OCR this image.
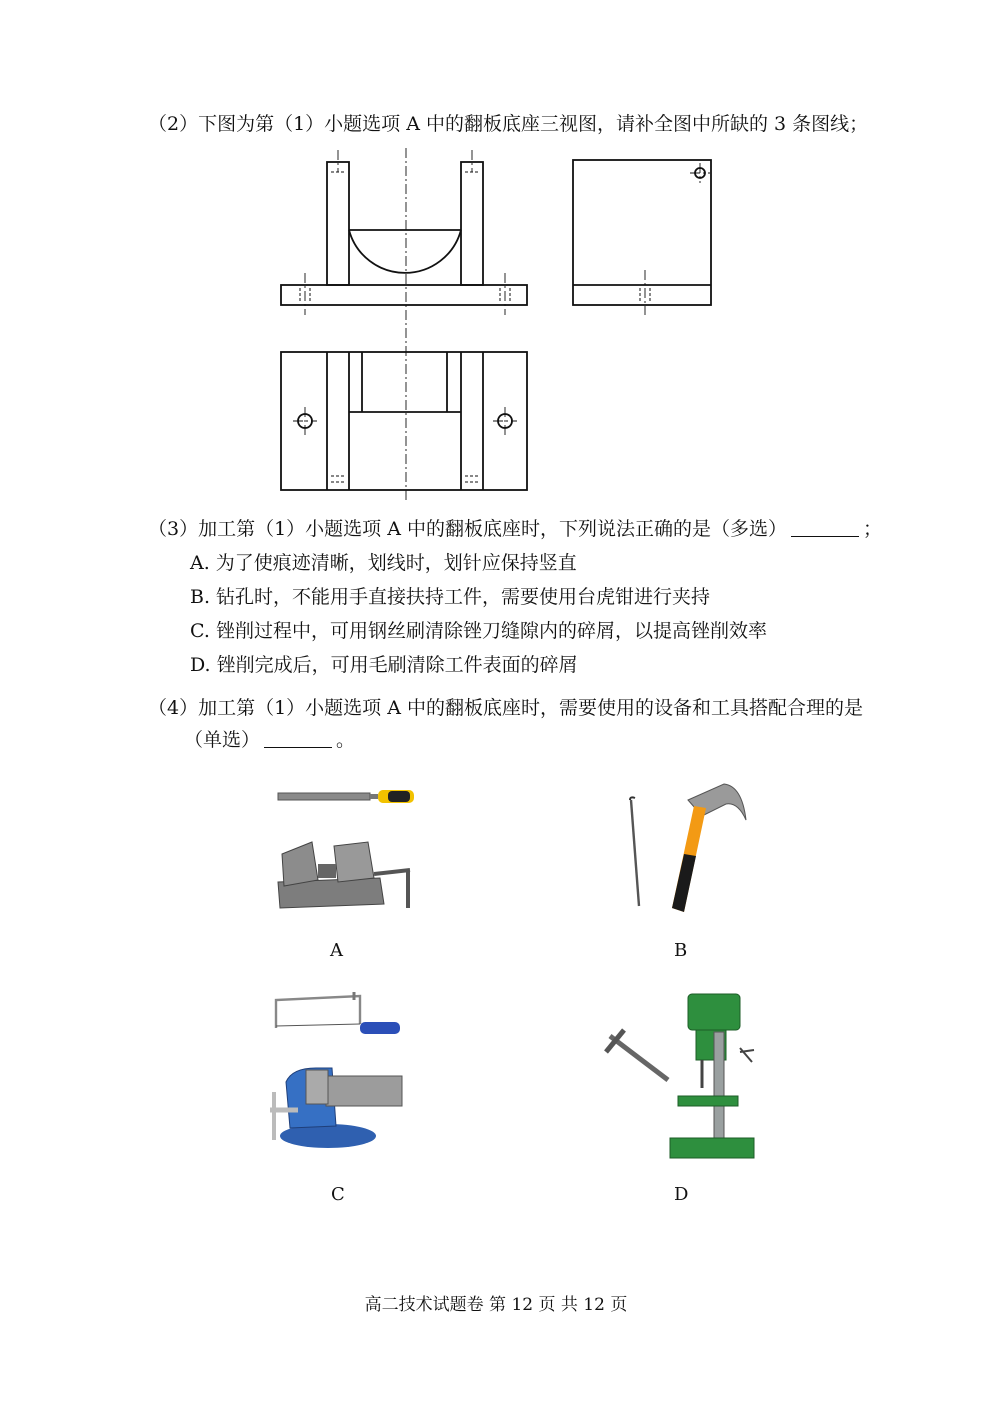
（2）下图为第（1）小题选项 A 中的翻板底座三视图，请补全图中所缺的 3 条图线；
（3）加工第（1）小题选项 A 中的翻板底座时，下列说法正确的是（多选）	；
A. 为了使痕迹清晰，划线时，划针应保持竖直
B. 钻孔时，不能用手直接扶持工件，需要使用台虎钳进行夹持
C. 锉削过程中，可用钢丝刷清除锉刀缝隙内的碎屑，以提高锉削效率
D. 锉削完成后，可用毛刷清除工件表面的碎屑
（4）加工第（1）小题选项 A 中的翻板底座时，需要使用的设备和工具搭配合理的是
（单选）	。
A	B
C	D
高二技术试题卷 第 12 页 共 12 页
